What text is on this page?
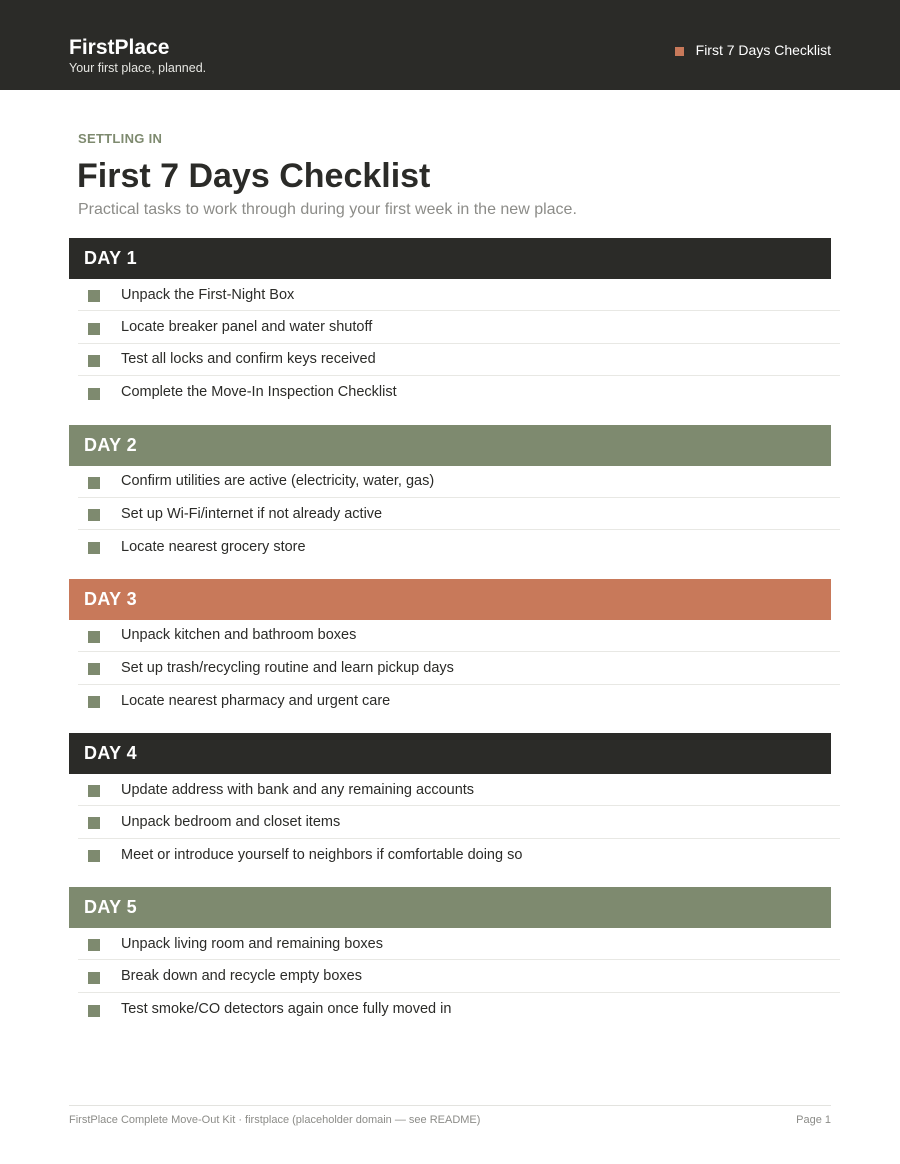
FirstPlace
Your first place, planned.
First 7 Days Checklist
SETTLING IN
First 7 Days Checklist
Practical tasks to work through during your first week in the new place.
DAY 1
Unpack the First-Night Box
Locate breaker panel and water shutoff
Test all locks and confirm keys received
Complete the Move-In Inspection Checklist
DAY 2
Confirm utilities are active (electricity, water, gas)
Set up Wi-Fi/internet if not already active
Locate nearest grocery store
DAY 3
Unpack kitchen and bathroom boxes
Set up trash/recycling routine and learn pickup days
Locate nearest pharmacy and urgent care
DAY 4
Update address with bank and any remaining accounts
Unpack bedroom and closet items
Meet or introduce yourself to neighbors if comfortable doing so
DAY 5
Unpack living room and remaining boxes
Break down and recycle empty boxes
Test smoke/CO detectors again once fully moved in
FirstPlace Complete Move-Out Kit · firstplace (placeholder domain — see README)	Page 1
